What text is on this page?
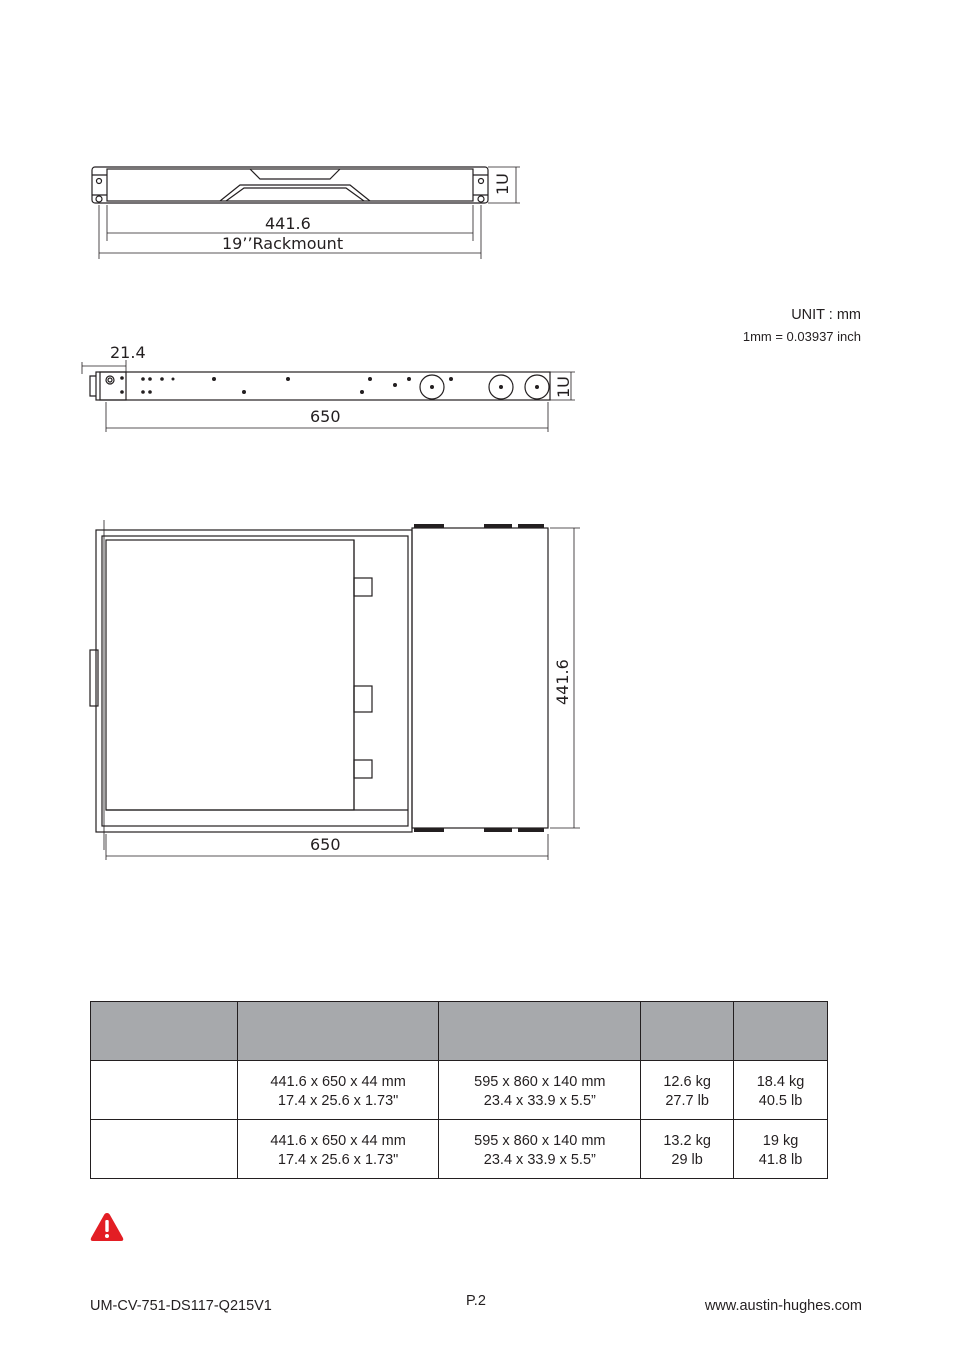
1U
441.6
19’’Rackmount
UNIT : mm
1mm = 0.03937 inch
21.4
1U
650
441.6
650

	441.6 x 650 x 44 mm
17.4 x 25.6 x 1.73"	595 x 860 x 140 mm
23.4 x 33.9 x 5.5”	12.6 kg
27.7 lb	18.4 kg
40.5 lb

	441.6 x 650 x 44 mm
17.4 x 25.6 x 1.73"	595 x 860 x 140 mm
23.4 x 33.9 x 5.5”	13.2 kg
29 lb	19 kg
41.8 lb
UM-CV-751-DS117-Q215V1	P.2	www.austin-hughes.com
